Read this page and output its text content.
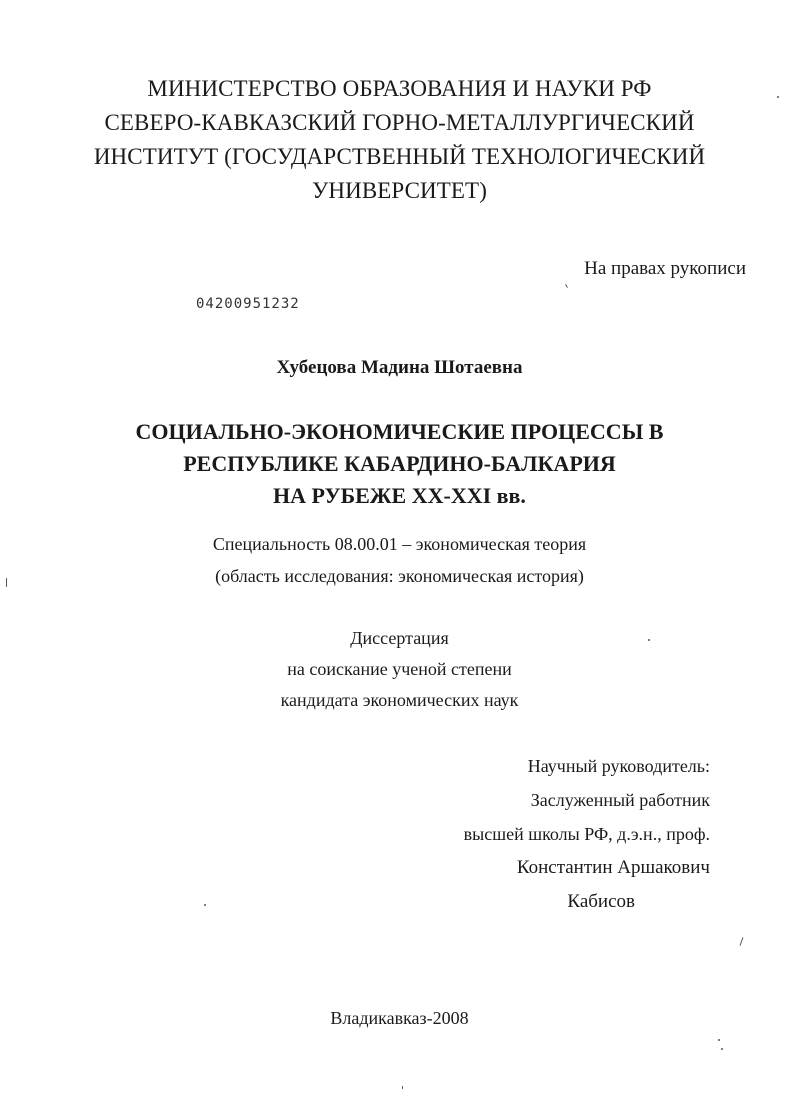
МИНИСТЕРСТВО ОБРАЗОВАНИЯ И НАУКИ РФ
СЕВЕРО-КАВКАЗСКИЙ ГОРНО-МЕТАЛЛУРГИЧЕСКИЙ
ИНСТИТУТ (ГОСУДАРСТВЕННЫЙ ТЕХНОЛОГИЧЕСКИЙ
УНИВЕРСИТЕТ)
На правах рукописи
04200951232
Хубецова Мадина Шотаевна
СОЦИАЛЬНО-ЭКОНОМИЧЕСКИЕ ПРОЦЕССЫ В
РЕСПУБЛИКЕ КАБАРДИНО-БАЛКАРИЯ
НА РУБЕЖЕ XX-XXI вв.
Специальность 08.00.01 – экономическая теория
(область исследования: экономическая история)
Диссертация
на соискание ученой степени
кандидата экономических наук
Научный руководитель:
Заслуженный работник
высшей школы РФ, д.э.н., проф.
Константин Аршакович
Кабисов
Владикавказ-2008
